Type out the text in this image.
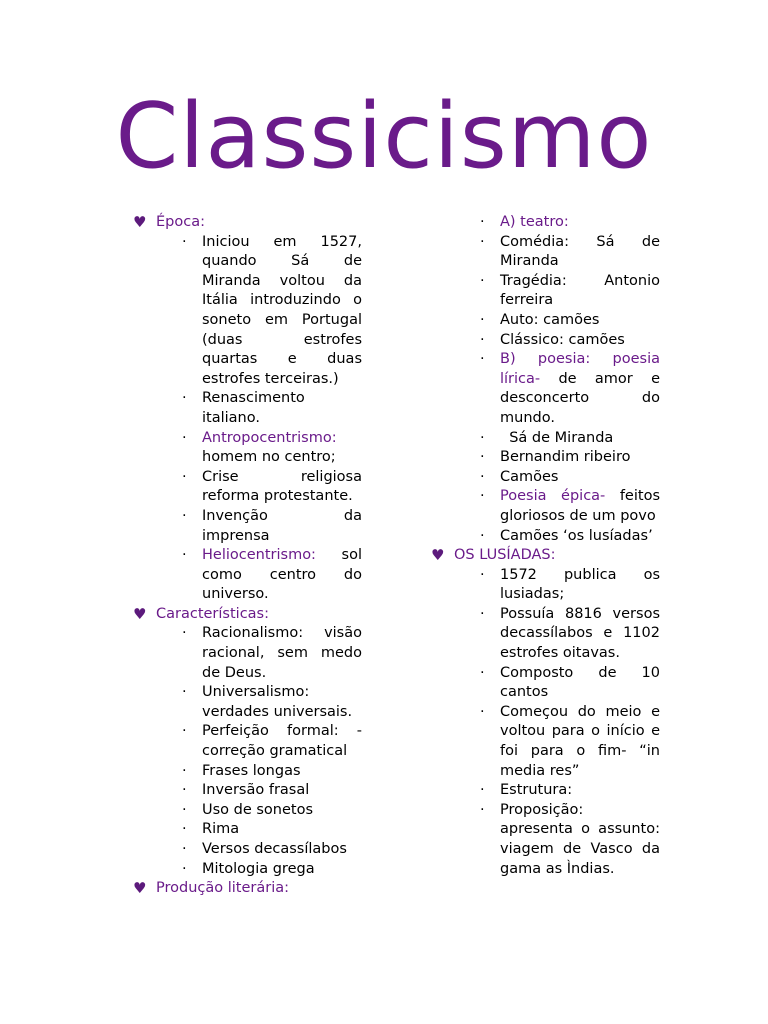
Classicismo
♥ Época:
· Iniciou em 1527, quando Sá de Miranda voltou da Itália introduzindo o soneto em Portugal (duas estrofes quartas e duas estrofes terceiras.)
· Renascimento italiano.
· Antropocentrismo: homem no centro;
· Crise religiosa reforma protestante.
· Invenção da imprensa
· Heliocentrismo: sol como centro do universo.
♥ Características:
· Racionalismo: visão racional, sem medo de Deus.
· Universalismo: verdades universais.
· Perfeição formal: - correção gramatical
· Frases longas
· Inversão frasal
· Uso de sonetos
· Rima
· Versos decassílabos
· Mitologia grega
♥ Produção literária:
· A) teatro:
· Comédia: Sá de Miranda
· Tragédia: Antonio ferreira
· Auto: camões
· Clássico: camões
· B) poesia: poesia lírica- de amor e desconcerto do mundo.
· Sá de Miranda
· Bernandim ribeiro
· Camões
· Poesia épica- feitos gloriosos de um povo
· Camões ‘os lusíadas’
♥ OS LUSÍADAS:
· 1572 publica os lusiadas;
· Possuía 8816 versos decassílabos e 1102 estrofes oitavas.
· Composto de 10 cantos
· Começou do meio e voltou para o início e foi para o fim- “in media res”
· Estrutura:
· Proposição: apresenta o assunto: viagem de Vasco da gama as Ìndias.
